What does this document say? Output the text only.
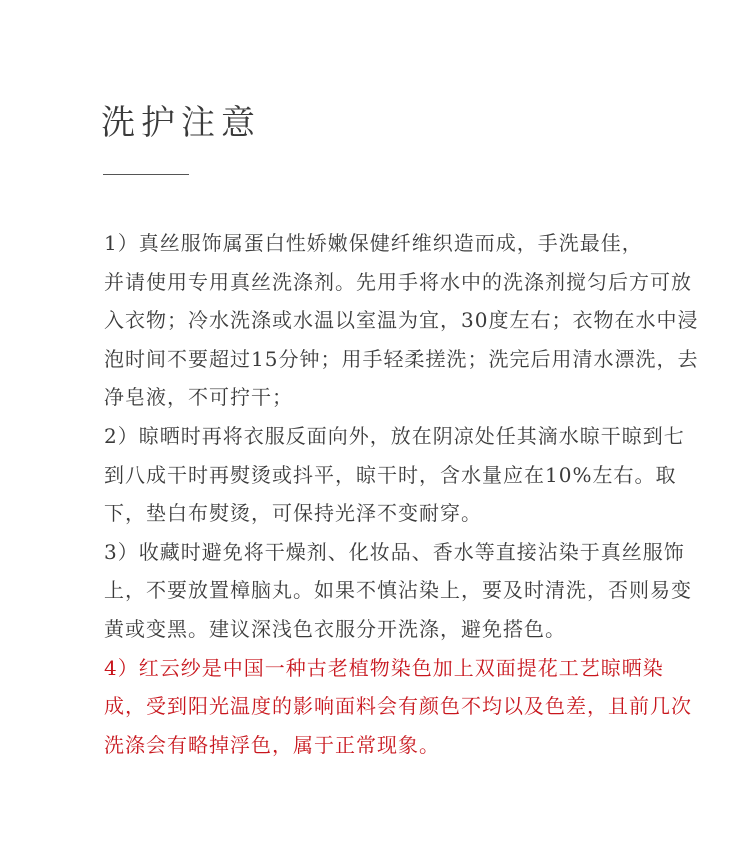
洗护注意
1）真丝服饰属蛋白性娇嫩保健纤维织造而成，手洗最佳，
并请使用专用真丝洗涤剂。先用手将水中的洗涤剂搅匀后方可放
入衣物；冷水洗涤或水温以室温为宜，30度左右；衣物在水中浸
泡时间不要超过15分钟；用手轻柔搓洗；洗完后用清水漂洗，去
净皂液，不可拧干；
2）晾晒时再将衣服反面向外，放在阴凉处任其滴水晾干晾到七
到八成干时再熨烫或抖平，晾干时，含水量应在10%左右。取
下，垫白布熨烫，可保持光泽不变耐穿。
3）收藏时避免将干燥剂、化妆品、香水等直接沾染于真丝服饰
上，不要放置樟脑丸。如果不慎沾染上，要及时清洗，否则易变
黄或变黑。建议深浅色衣服分开洗涤，避免搭色。
4）红云纱是中国一种古老植物染色加上双面提花工艺晾晒染
成，受到阳光温度的影响面料会有颜色不均以及色差，且前几次
洗涤会有略掉浮色，属于正常现象。
